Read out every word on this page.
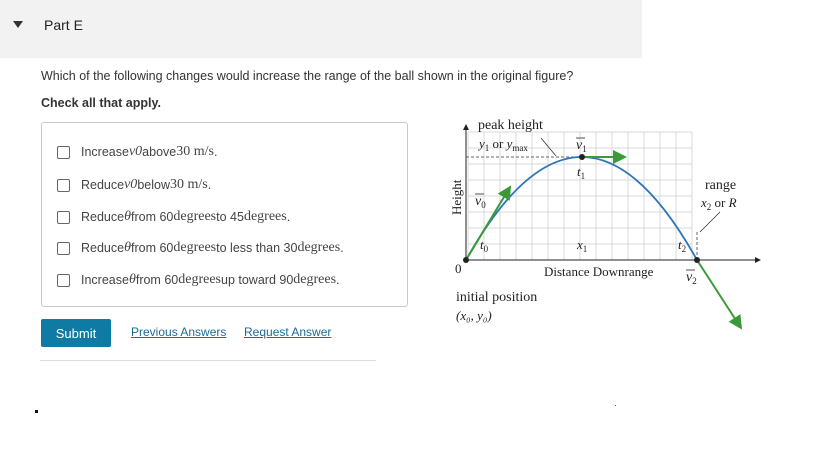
Part E
Which of the following changes would increase the range of the ball shown in the original figure?
Check all that apply.
Increase v0 above 30 m/s .
Reduce v0 below 30 m/s .
Reduce θ from 60 degrees to 45 degrees .
Reduce θ from 60 degrees to less than 30 degrees .
Increase θ from 60 degrees up toward 90 degrees .
Submit	Previous Answers Request Answer
peak height
$y_1$ or $y_{max}$	$v_1$
$t_1$
range
$x_2$ or R
Height $v_0$
$t_0$	$x_1$	$t_2$
0	Distance Downrange $v_2$
initial position
(x₀, y₀)
